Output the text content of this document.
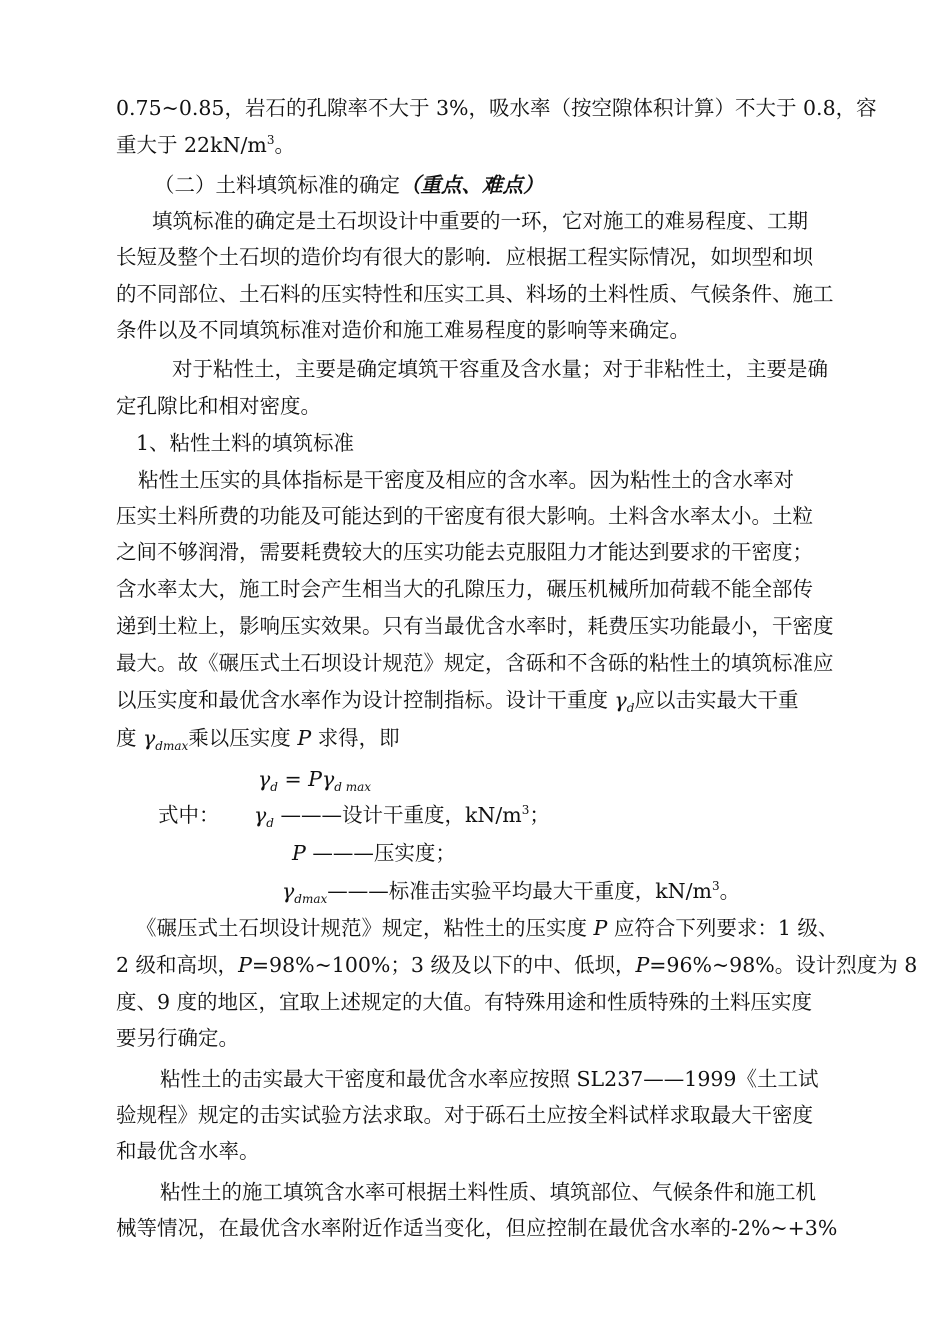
0.75~0.85，岩石的孔隙率不大于 3%，吸水率（按空隙体积计算）不大于 0.8，容
重大于 $22kN/m^3$。
（二）土料填筑标准的确定（重点、难点）
填筑标准的确定是土石坝设计中重要的一环，它对施工的难易程度、工期
长短及整个土石坝的造价均有很大的影响．应根据工程实际情况，如坝型和坝
的不同部位、土石料的压实特性和压实工具、料场的土料性质、气候条件、施工
条件以及不同填筑标准对造价和施工难易程度的影响等来确定。
对于粘性土，主要是确定填筑干容重及含水量；对于非粘性土，主要是确
定孔隙比和相对密度。
1、粘性土料的填筑标准
粘性土压实的具体指标是干密度及相应的含水率。因为粘性土的含水率对
压实土料所费的功能及可能达到的干密度有很大影响。土料含水率太小。土粒
之间不够润滑，需要耗费较大的压实功能去克服阻力才能达到要求的干密度；
含水率太大，施工时会产生相当大的孔隙压力，碾压机械所加荷载不能全部传
递到土粒上，影响压实效果。只有当最优含水率时，耗费压实功能最小，干密度
最大。故《碾压式土石坝设计规范》规定，含砾和不含砾的粘性土的填筑标准应
以压实度和最优含水率作为设计控制指标。设计干重度 $\gamma_d$应以击实最大干重
度 $\gamma_{dmax}$乘以压实度 P 求得，即
$\gamma_d = P\gamma_{d max}$
式中： $\gamma_d$ ———设计干重度，$kN/m^3$；
P ———压实度；
$\gamma_{dmax}———$标准击实验平均最大干重度，$kN/m^3$。
《碾压式土石坝设计规范》规定，粘性土的压实度 P 应符合下列要求：1 级、
2 级和高坝，P=98%~100%；3 级及以下的中、低坝，P=96%~98%。设计烈度为 8
度、9 度的地区，宜取上述规定的大值。有特殊用途和性质特殊的土料压实度
要另行确定。
粘性土的击实最大干密度和最优含水率应按照 SL237——1999《土工试
验规程》规定的击实试验方法求取。对于砾石土应按全料试样求取最大干密度
和最优含水率。
粘性土的施工填筑含水率可根据土料性质、填筑部位、气候条件和施工机
械等情况，在最优含水率附近作适当变化，但应控制在最优含水率的-2%~+3%
